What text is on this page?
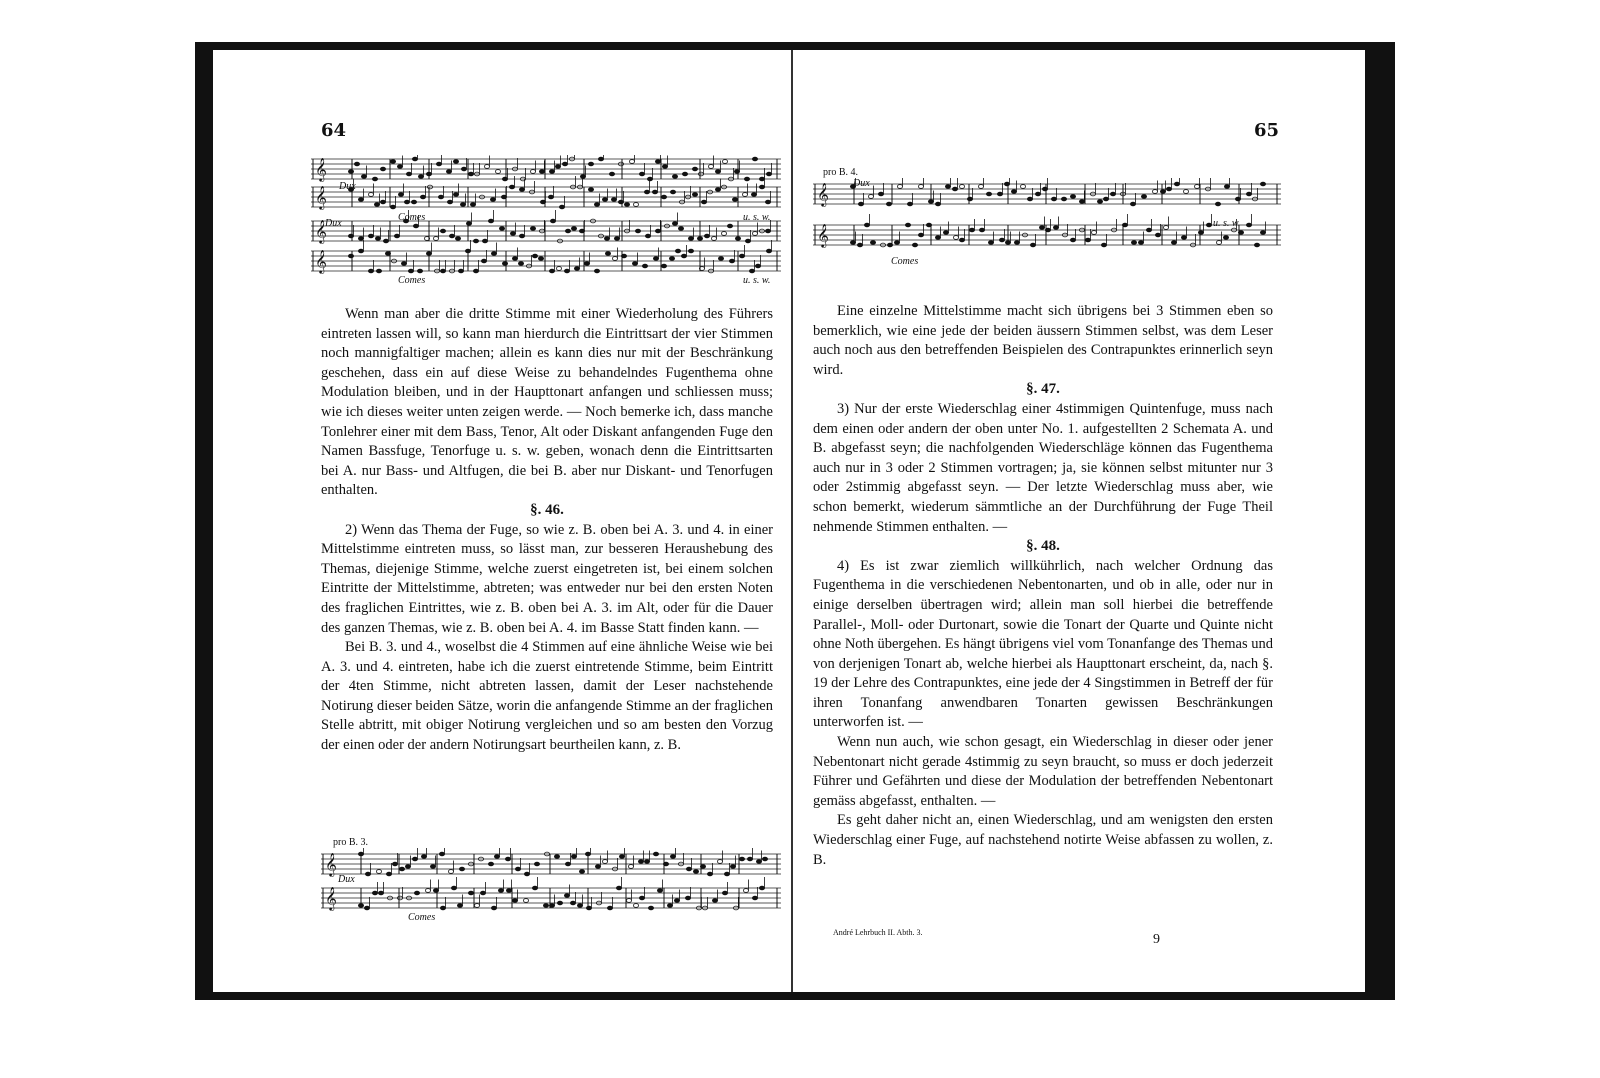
64
𝄞
𝄞
𝄞
𝄞
Dux
Comes	u. s. w.
Dux
Comes	u. s. w.

Wenn man aber die dritte Stimme mit einer Wiederholung des Führers eintreten lassen will, so kann man hierdurch die Eintrittsart der vier Stimmen noch mannigfaltiger machen; allein es kann dies nur mit der Beschränkung geschehen, dass ein auf diese Weise zu behandelndes Fugenthema ohne Modulation bleiben, und in der Haupttonart anfangen und schliessen muss; wie ich dieses weiter unten zeigen werde. — Noch bemerke ich, dass manche Tonlehrer einer mit dem Bass, Tenor, Alt oder Diskant anfangenden Fuge den Namen Bassfuge, Tenorfuge u. s. w. geben, wonach denn die Eintrittsarten bei A. nur Bass- und Altfugen, die bei B. aber nur Diskant- und Tenorfugen enthalten.

§. 46.

2) Wenn das Thema der Fuge, so wie z. B. oben bei A. 3. und 4. in einer Mittelstimme eintreten muss, so lässt man, zur besseren Heraushebung des Themas, diejenige Stimme, welche zuerst eingetreten ist, bei einem solchen Eintritte der Mittelstimme, abtreten; was entweder nur bei den ersten Noten des fraglichen Eintrittes, wie z. B. oben bei A. 3. im Alt, oder für die Dauer des ganzen Themas, wie z. B. oben bei A. 4. im Basse Statt finden kann. —

Bei B. 3. und 4., woselbst die 4 Stimmen auf eine ähnliche Weise wie bei A. 3. und 4. eintreten, habe ich die zuerst eintretende Stimme, beim Eintritt der 4ten Stimme, nicht abtreten lassen, damit der Leser nachstehende Notirung dieser beiden Sätze, worin die anfangende Stimme an der fraglichen Stelle abtritt, mit obiger Notirung vergleichen und so am besten den Vorzug der einen oder der andern Notirungsart beurtheilen kann, z. B.

pro B. 3.
𝄞
𝄞
Dux
Comes
65
pro B. 4.
𝄞
𝄞
Dux
Comes
u. s. w.

Eine einzelne Mittelstimme macht sich übrigens bei 3 Stimmen eben so bemerklich, wie eine jede der beiden äussern Stimmen selbst, was dem Leser auch noch aus den betreffenden Beispielen des Contrapunktes erinnerlich seyn wird.

§. 47.

3) Nur der erste Wiederschlag einer 4stimmigen Quintenfuge, muss nach dem einen oder andern der oben unter No. 1. aufgestellten 2 Schemata A. und B. abgefasst seyn; die nachfolgenden Wiederschläge können das Fugenthema auch nur in 3 oder 2 Stimmen vortragen; ja, sie können selbst mitunter nur 3 oder 2stimmig abgefasst seyn. — Der letzte Wiederschlag muss aber, wie schon bemerkt, wiederum sämmtliche an der Durchführung der Fuge Theil nehmende Stimmen enthalten. —

§. 48.

4) Es ist zwar ziemlich willkührlich, nach welcher Ordnung das Fugenthema in die verschiedenen Nebentonarten, und ob in alle, oder nur in einige derselben übertragen wird; allein man soll hierbei die betreffende Parallel-, Moll- oder Durtonart, sowie die Tonart der Quarte und Quinte nicht ohne Noth übergehen. Es hängt übrigens viel vom Tonanfange des Themas und von derjenigen Tonart ab, welche hierbei als Haupttonart erscheint, da, nach §. 19 der Lehre des Contrapunktes, eine jede der 4 Singstimmen in Betreff der für ihren Tonanfang anwendbaren Tonarten gewissen Beschränkungen unterworfen ist. —

Wenn nun auch, wie schon gesagt, ein Wiederschlag in dieser oder jener Nebentonart nicht gerade 4stimmig zu seyn braucht, so muss er doch jederzeit Führer und Gefährten und diese der Modulation der betreffenden Nebentonart gemäss abgefasst, enthalten. —

Es geht daher nicht an, einen Wiederschlag, und am wenigsten den ersten Wiederschlag einer Fuge, auf nachstehend notirte Weise abfassen zu wollen, z. B.

André Lehrbuch II. Abth. 3.	9
